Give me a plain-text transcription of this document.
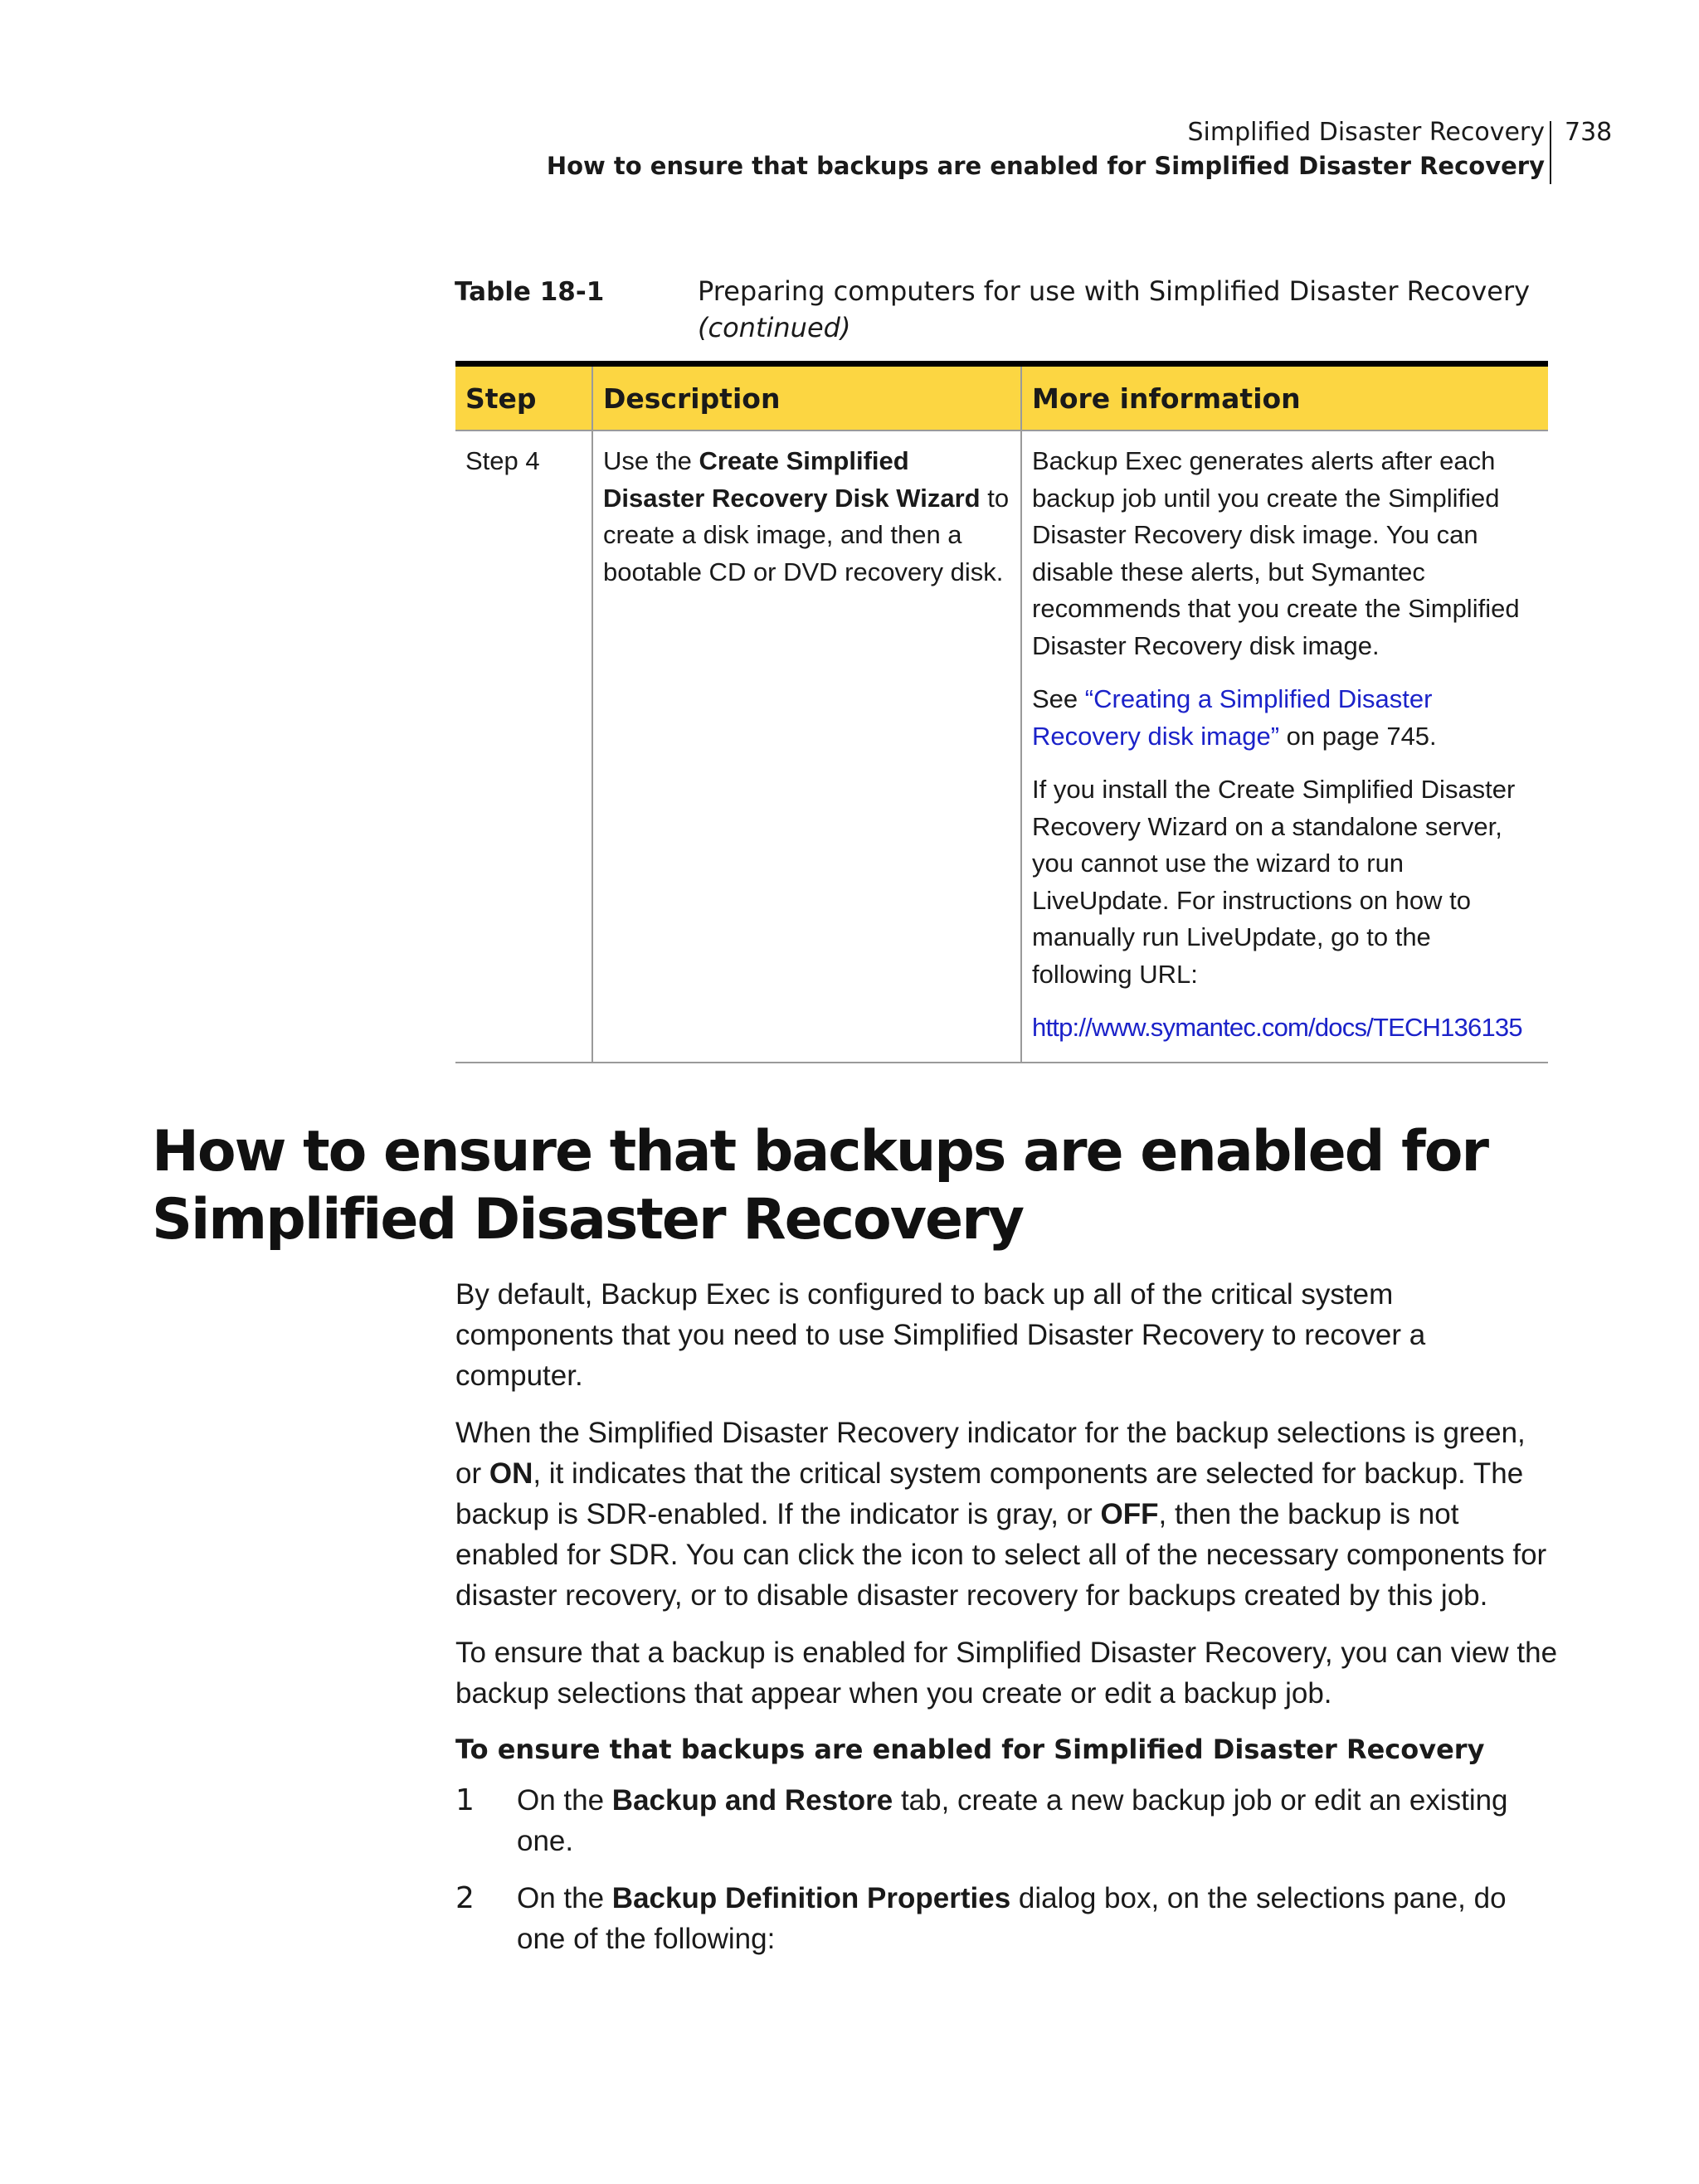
Simplified Disaster Recovery
How to ensure that backups are enabled for Simplified Disaster Recovery
738
Table 18-1	Preparing computers for use with Simplified Disaster Recovery
(continued)

Step	Description	More information
Step 4	Use the Create Simplified Disaster Recovery Disk Wizard to create a disk image, and then a bootable CD or DVD recovery disk.	Backup Exec generates alerts after each backup job until you create the Simplified Disaster Recovery disk image. You can disable these alerts, but Symantec recommends that you create the Simplified Disaster Recovery disk image.

See “Creating a Simplified Disaster Recovery disk image” on page 745.

If you install the Create Simplified Disaster Recovery Wizard on a standalone server, you cannot use the wizard to run LiveUpdate. For instructions on how to manually run LiveUpdate, go to the following URL:

http://www.symantec.com/docs/TECH136135

How to ensure that backups are enabled for Simplified Disaster Recovery

By default, Backup Exec is configured to back up all of the critical system components that you need to use Simplified Disaster Recovery to recover a computer.

When the Simplified Disaster Recovery indicator for the backup selections is green, or ON, it indicates that the critical system components are selected for backup. The backup is SDR-enabled. If the indicator is gray, or OFF, then the backup is not enabled for SDR. You can click the icon to select all of the necessary components for disaster recovery, or to disable disaster recovery for backups created by this job.

To ensure that a backup is enabled for Simplified Disaster Recovery, you can view the backup selections that appear when you create or edit a backup job.

To ensure that backups are enabled for Simplified Disaster Recovery
1 On the Backup and Restore tab, create a new backup job or edit an existing one.
2 On the Backup Definition Properties dialog box, on the selections pane, do one of the following:
